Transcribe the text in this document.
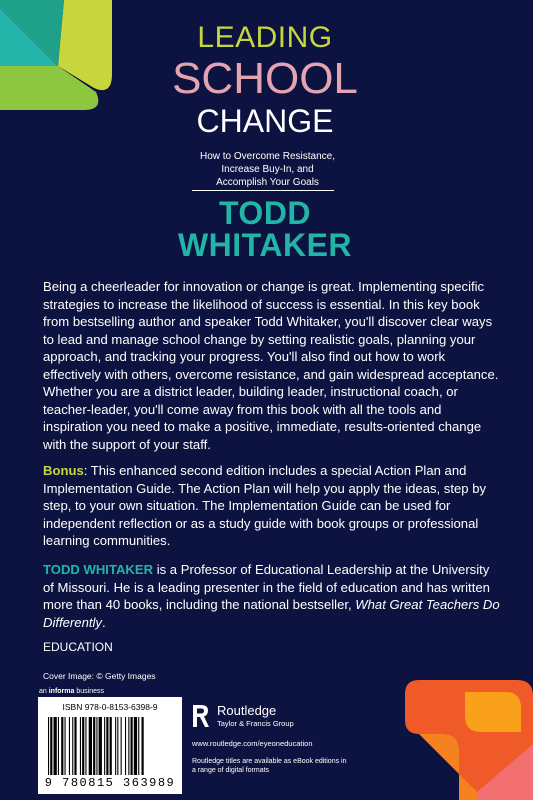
LEADING
SCHOOL
CHANGE
How to Overcome Resistance,
Increase Buy-In, and
Accomplish Your Goals
TODD
WHITAKER
Being a cheerleader for innovation or change is great. Implementing specific strategies to increase the likelihood of success is essential. In this key book from bestselling author and speaker Todd Whitaker, you'll discover clear ways to lead and manage school change by setting realistic goals, planning your approach, and tracking your progress. You'll also find out how to work effectively with others, overcome resistance, and gain widespread acceptance. Whether you are a district leader, building leader, instructional coach, or teacher-leader, you'll come away from this book with all the tools and inspiration you need to make a positive, immediate, results-oriented change with the support of your staff.
Bonus: This enhanced second edition includes a special Action Plan and Implementation Guide. The Action Plan will help you apply the ideas, step by step, to your own situation. The Implementation Guide can be used for independent reflection or as a study guide with book groups or professional learning communities.
TODD WHITAKER is a Professor of Educational Leadership at the University of Missouri. He is a leading presenter in the field of education and has written more than 40 books, including the national bestseller, What Great Teachers Do Differently.
EDUCATION
Cover Image: © Getty Images
an informa business
ISBN 978-0-8153-6398-9
9 780815 363989
Routledge
Taylor & Francis Group
www.routledge.com/eyeoneducation
Routledge titles are available as eBook editions in a range of digital formats
